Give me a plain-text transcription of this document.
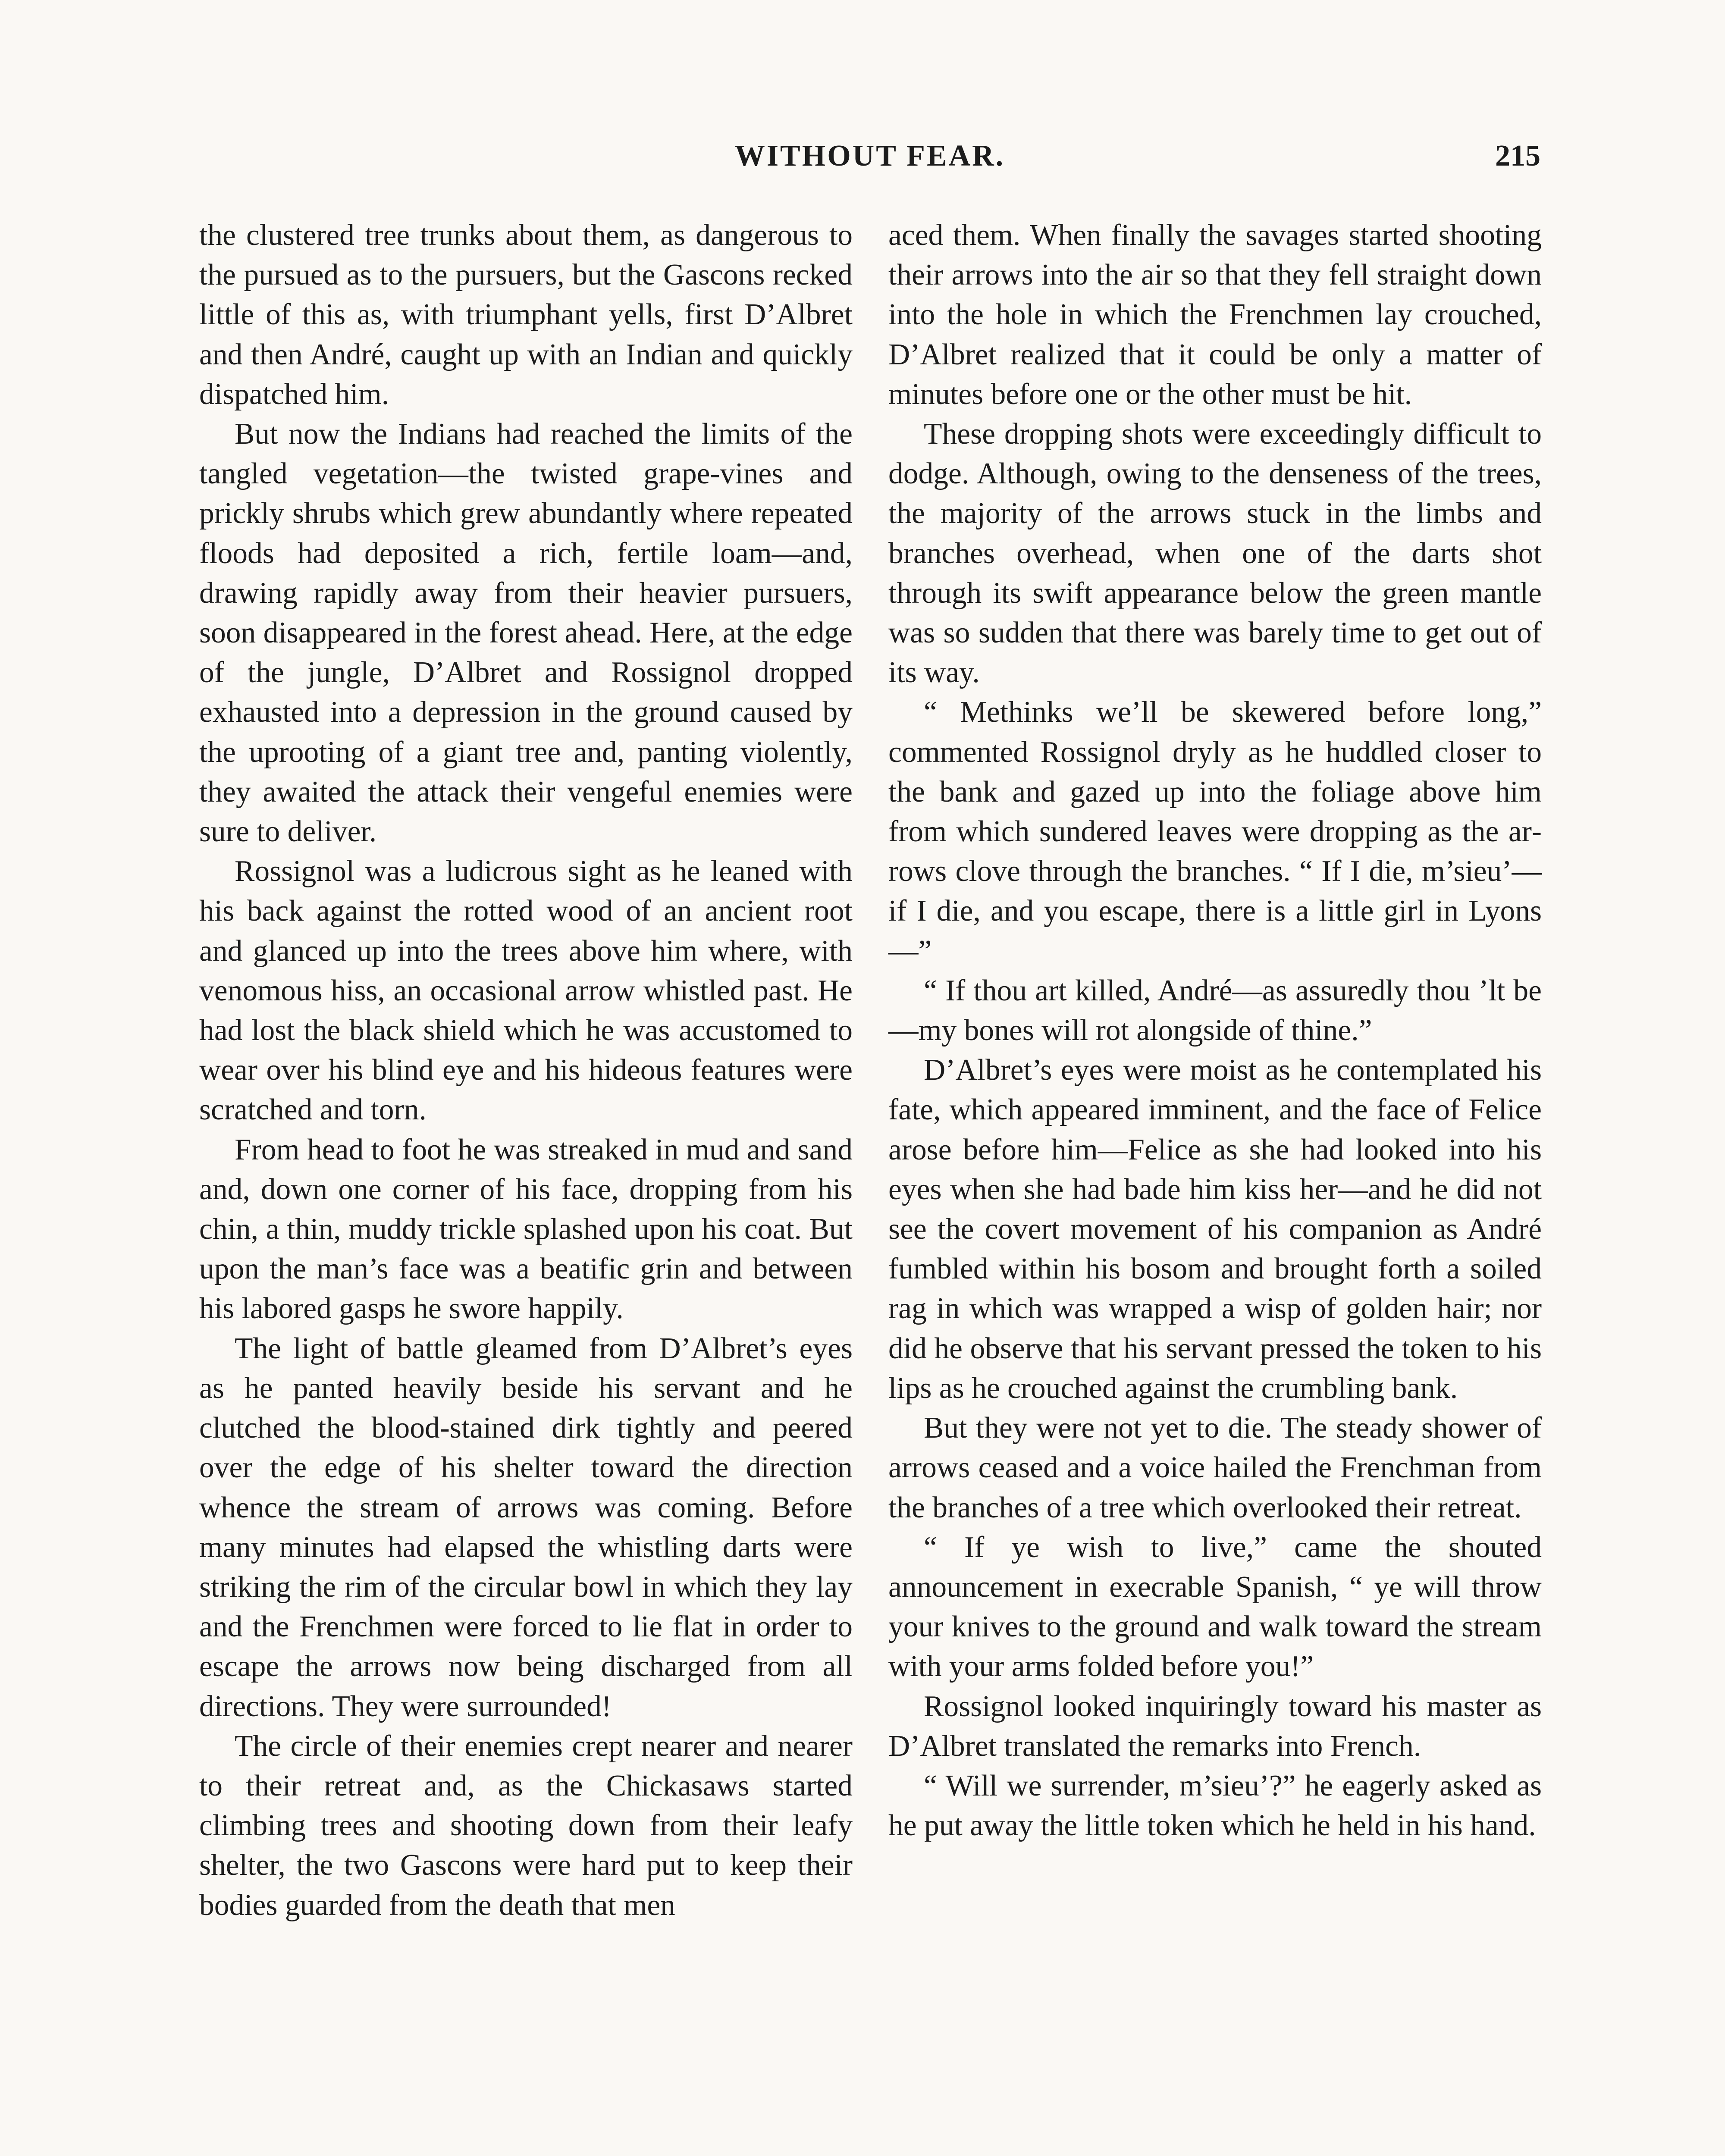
WITHOUT FEAR.	215

the clustered tree trunks about them, as dangerous to the pursued as to the pursuers, but the Gascons recked little of this as, with triumphant yells, first D’Albret and then André, caught up with an Indian and quickly dispatched him.

But now the Indians had reached the limits of the tangled vegetation—the twisted grape-vines and prickly shrubs which grew abundantly where repeated floods had deposited a rich, fertile loam—and, drawing rapidly away from their heavier pursuers, soon disappeared in the forest ahead. Here, at the edge of the jungle, D’Albret and Rossignol dropped exhausted into a depression in the ground caused by the uprooting of a giant tree and, panting violently, they awaited the attack their vengeful enemies were sure to deliver.

Rossignol was a ludicrous sight as he leaned with his back against the rotted wood of an ancient root and glanced up into the trees above him where, with venomous hiss, an occasional arrow whistled past. He had lost the black shield which he was accustomed to wear over his blind eye and his hideous features were scratched and torn.

From head to foot he was streaked in mud and sand and, down one corner of his face, dropping from his chin, a thin, muddy trickle splashed upon his coat. But upon the man’s face was a beatific grin and between his labored gasps he swore happily.

The light of battle gleamed from D’Albret’s eyes as he panted heavily beside his servant and he clutched the blood-stained dirk tightly and peered over the edge of his shelter toward the direction whence the stream of arrows was coming. Before many minutes had elapsed the whistling darts were striking the rim of the circular bowl in which they lay and the Frenchmen were forced to lie flat in order to escape the arrows now being discharged from all directions. They were surrounded!

The circle of their enemies crept nearer and nearer to their retreat and, as the Chickasaws started climbing trees and shooting down from their leafy shelter, the two Gascons were hard put to keep their bodies guarded from the death that men

aced them. When finally the savages started shooting their arrows into the air so that they fell straight down into the hole in which the Frenchmen lay crouched, D’Albret realized that it could be only a matter of minutes before one or the other must be hit.

These dropping shots were exceedingly difficult to dodge. Although, owing to the denseness of the trees, the majority of the arrows stuck in the limbs and branches overhead, when one of the darts shot through its swift appearance below the green mantle was so sudden that there was barely time to get out of its way.

“ Methinks we’ll be skewered before long,” commented Rossignol dryly as he huddled closer to the bank and gazed up into the foliage above him from which sundered leaves were dropping as the arrows clove through the branches. “ If I die, m’sieu’—if I die, and you escape, there is a little girl in Lyons—”

“ If thou art killed, André—as assuredly thou ’lt be—my bones will rot alongside of thine.”

D’Albret’s eyes were moist as he contemplated his fate, which appeared imminent, and the face of Felice arose before him—Felice as she had looked into his eyes when she had bade him kiss her—and he did not see the covert movement of his companion as André fumbled within his bosom and brought forth a soiled rag in which was wrapped a wisp of golden hair; nor did he observe that his servant pressed the token to his lips as he crouched against the crumbling bank.

But they were not yet to die. The steady shower of arrows ceased and a voice hailed the Frenchman from the branches of a tree which overlooked their retreat.

“ If ye wish to live,” came the shouted announcement in execrable Spanish, “ ye will throw your knives to the ground and walk toward the stream with your arms folded before you!”

Rossignol looked inquiringly toward his master as D’Albret translated the remarks into French.

“ Will we surrender, m’sieu’?” he eagerly asked as he put away the little token which he held in his hand.
